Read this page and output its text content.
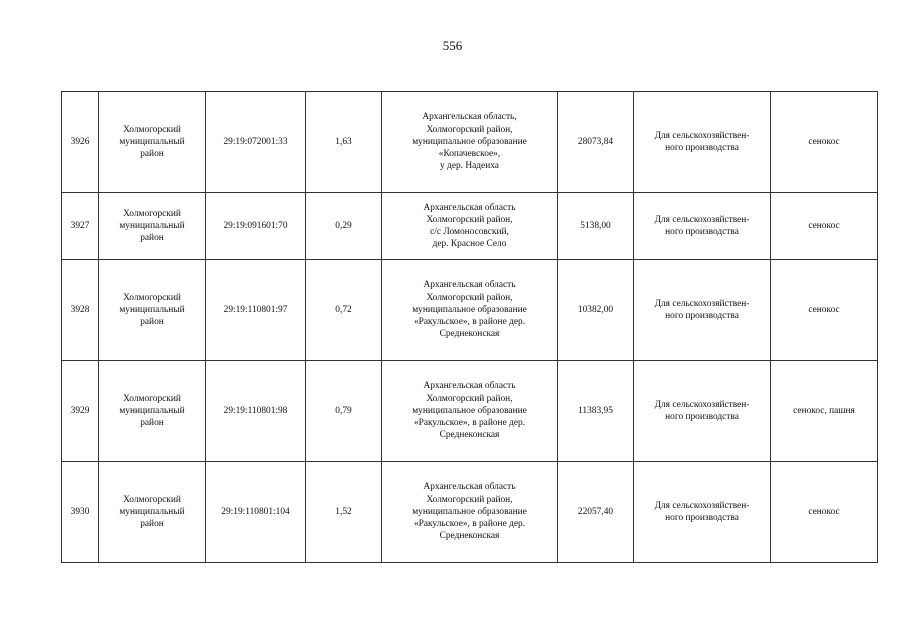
556
3926	Холмогорский
муниципальный
район	29:19:072001:33	1,63	Архангельская область,
Холмогорский район,
муниципальное образование
«Копачевское»,
у дер. Надеиха	28073,84	Для сельскохозяйствен-
ного производства	сенокос
3927	Холмогорский
муниципальный
район	29:19:091601:70	0,29	Архангельская область
Холмогорский район,
с/с Ломоносовский,
дер. Красное Село	5138,00	Для сельскохозяйствен-
ного производства	сенокос
3928	Холмогорский
муниципальный
район	29:19:110801:97	0,72	Архангельская область
Холмогорский район,
муниципальное образование
«Ракульское», в районе дер.
Среднеконская	10382,00	Для сельскохозяйствен-
ного производства	сенокос
3929	Холмогорский
муниципальный
район	29:19:110801:98	0,79	Архангельская область
Холмогорский район,
муниципальное образование
«Ракульское», в районе дер.
Среднеконская	11383,95	Для сельскохозяйствен-
ного производства	сенокос, пашня
3930	Холмогорский
муниципальный
район	29:19:110801:104	1,52	Архангельская область
Холмогорский район,
муниципальное образование
«Ракульское», в районе дер.
Среднеконская	22057,40	Для сельскохозяйствен-
ного производства	сенокос
